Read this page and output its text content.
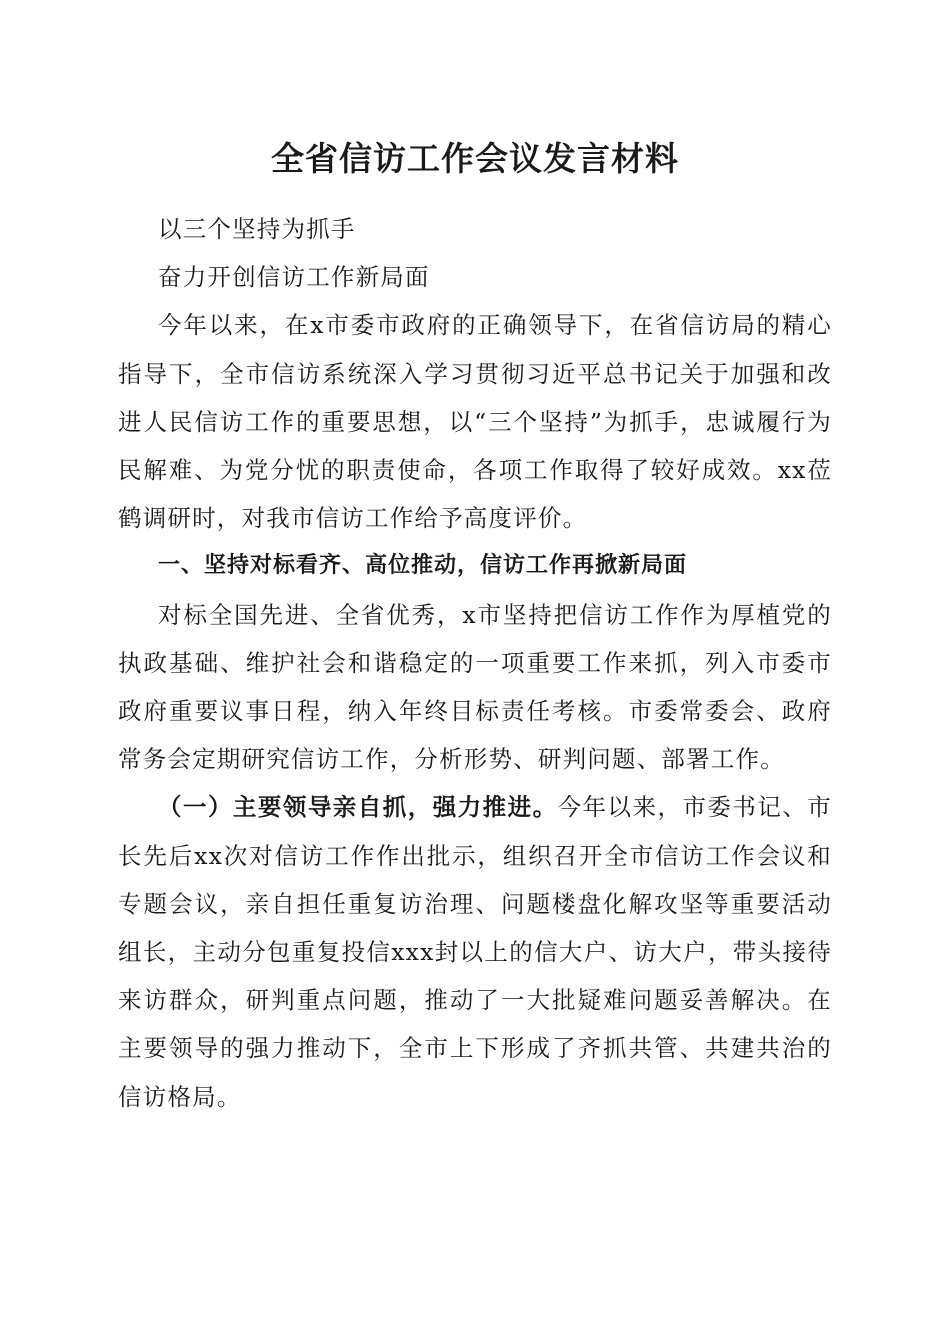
全省信访工作会议发言材料

以三个坚持为抓手

奋力开创信访工作新局面

今年以来，在x市委市政府的正确领导下，在省信访局的精心指导下，全市信访系统深入学习贯彻习近平总书记关于加强和改进人民信访工作的重要思想，以“三个坚持”为抓手，忠诚履行为民解难、为党分忧的职责使命，各项工作取得了较好成效。xx莅鹤调研时，对我市信访工作给予高度评价。

一、坚持对标看齐、高位推动，信访工作再掀新局面

对标全国先进、全省优秀，x市坚持把信访工作作为厚植党的执政基础、维护社会和谐稳定的一项重要工作来抓，列入市委市政府重要议事日程，纳入年终目标责任考核。市委常委会、政府常务会定期研究信访工作，分析形势、研判问题、部署工作。

（一）主要领导亲自抓，强力推进。今年以来，市委书记、市长先后xx次对信访工作作出批示，组织召开全市信访工作会议和专题会议，亲自担任重复访治理、问题楼盘化解攻坚等重要活动组长，主动分包重复投信xxx封以上的信大户、访大户，带头接待来访群众，研判重点问题，推动了一大批疑难问题妥善解决。在主要领导的强力推动下，全市上下形成了齐抓共管、共建共治的信访格局。
